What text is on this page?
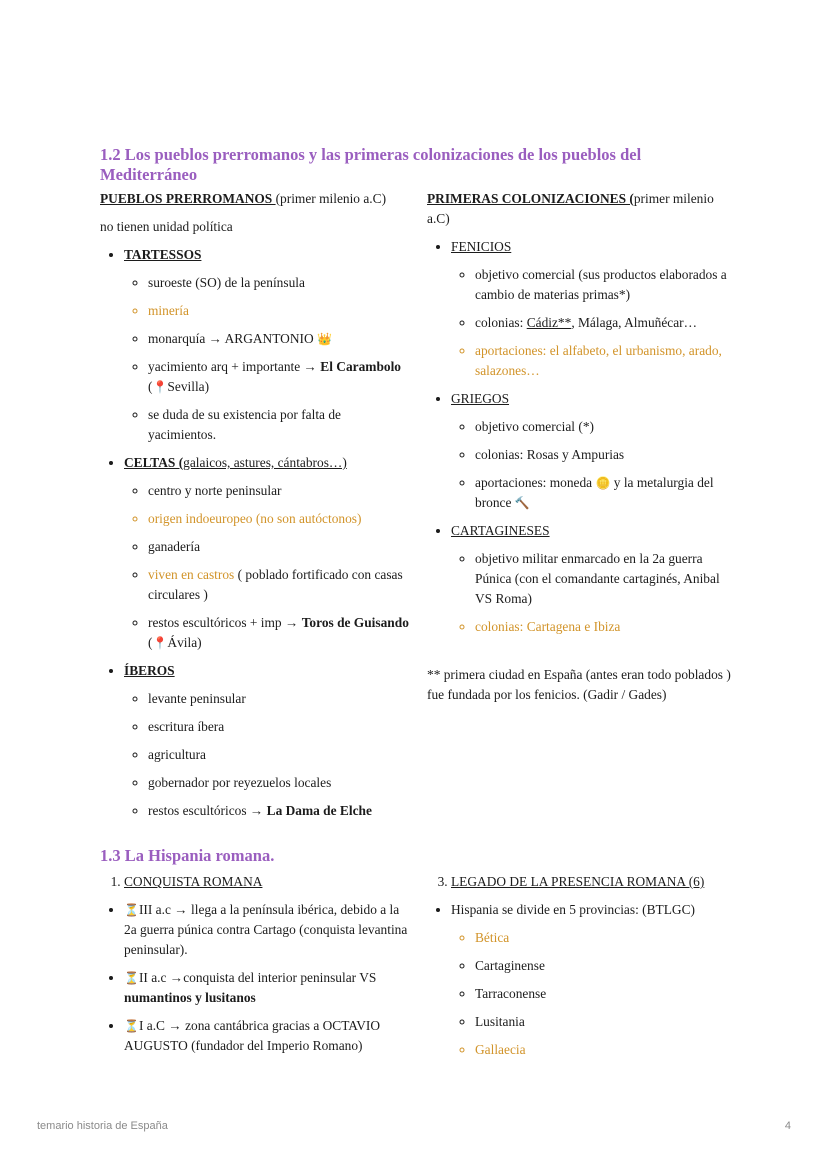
1.2 Los pueblos prerromanos y las primeras colonizaciones de los pueblos del Mediterráneo

PUEBLOS PRERROMANOS (primer milenio a.C)

no tienen unidad política

• TARTESSOS
◦ suroeste (SO) de la península
◦ minería
◦ monarquía → ARGANTONIO 👑
◦ yacimiento arq + importante → El Carambolo (📍Sevilla)
◦ se duda de su existencia por falta de yacimientos.
• CELTAS (galaicos, astures, cántabros…)
◦ centro y norte peninsular
◦ origen indoeuropeo (no son autóctonos)
◦ ganadería
◦ viven en castros ( poblado fortificado con casas circulares )
◦ restos escultóricos + imp → Toros de Guisando (📍Ávila)
• ÍBEROS
◦ levante peninsular
◦ escritura íbera
◦ agricultura
◦ gobernador por reyezuelos locales
◦ restos escultóricos → La Dama de Elche

PRIMERAS COLONIZACIONES (primer milenio a.C)

• FENICIOS
◦ objetivo comercial (sus productos elaborados a cambio de materias primas*)
◦ colonias: Cádiz**, Málaga, Almuñécar…
◦ aportaciones: el alfabeto, el urbanismo, arado, salazones…
• GRIEGOS
◦ objetivo comercial (*)
◦ colonias: Rosas y Ampurias
◦ aportaciones: moneda 🪙 y la metalurgia del bronce 🔨
• CARTAGINESES
◦ objetivo militar enmarcado en la 2a guerra Púnica (con el comandante cartaginés, Anibal VS Roma)
◦ colonias: Cartagena e Ibiza

** primera ciudad en España (antes eran todo poblados ) fue fundada por los fenicios. (Gadir / Gades)

1.3 La Hispania romana.
1. CONQUISTA ROMANA
• ⏳III a.c → llega a la península ibérica, debido a la 2a guerra púnica contra Cartago (conquista levantina peninsular).
• ⏳II a.c →conquista del interior peninsular VS numantinos y lusitanos
• ⏳I a.C → zona cantábrica gracias a OCTAVIO AUGUSTO (fundador del Imperio Romano)
3. LEGADO DE LA PRESENCIA ROMANA (6)
• Hispania se divide en 5 provincias: (BTLGC)
◦ Bética
◦ Cartaginense
◦ Tarraconense
◦ Lusitania
◦ Gallaecia
temario historia de España	4
